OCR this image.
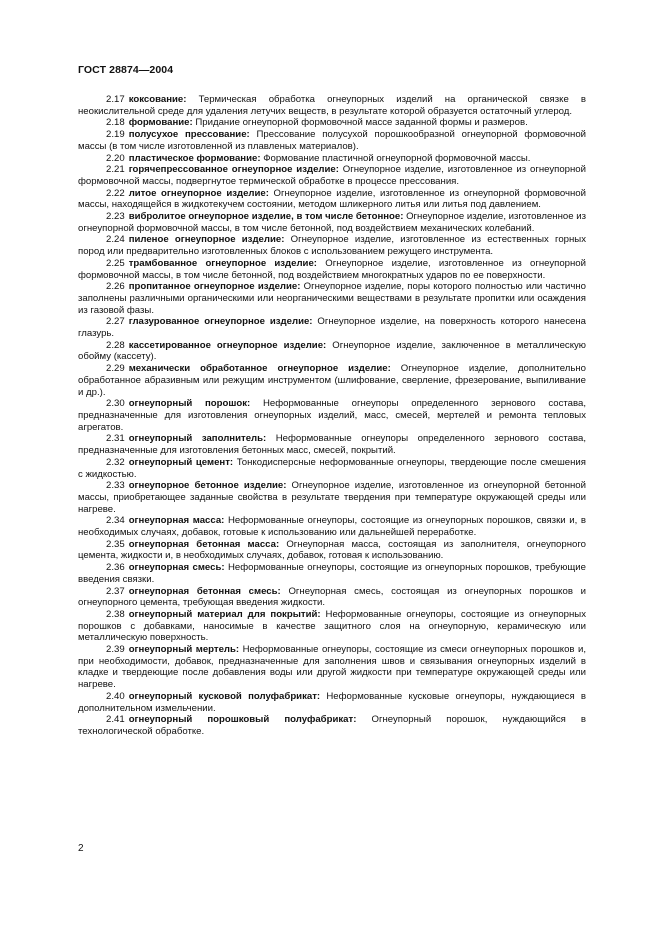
ГОСТ 28874—2004

2.17 коксование: Термическая обработка огнеупорных изделий на органической связке в неокислительной среде для удаления летучих веществ, в результате которой образуется остаточный углерод.

2.18 формование: Придание огнеупорной формовочной массе заданной формы и размеров.

2.19 полусухое прессование: Прессование полусухой порошкообразной огнеупорной формовочной массы (в том числе изготовленной из плавленых материалов).

2.20 пластическое формование: Формование пластичной огнеупорной формовочной массы.

2.21 горячепрессованное огнеупорное изделие: Огнеупорное изделие, изготовленное из огнеупорной формовочной массы, подвергнутое термической обработке в процессе прессования.

2.22 литое огнеупорное изделие: Огнеупорное изделие, изготовленное из огнеупорной формовочной массы, находящейся в жидкотекучем состоянии, методом шликерного литья или литья под давлением.

2.23 вибролитое огнеупорное изделие, в том числе бетонное: Огнеупорное изделие, изготовленное из огнеупорной формовочной массы, в том числе бетонной, под воздействием механических колебаний.

2.24 пиленое огнеупорное изделие: Огнеупорное изделие, изготовленное из естественных горных пород или предварительно изготовленных блоков с использованием режущего инструмента.

2.25 трамбованное огнеупорное изделие: Огнеупорное изделие, изготовленное из огнеупорной формовочной массы, в том числе бетонной, под воздействием многократных ударов по ее поверхности.

2.26 пропитанное огнеупорное изделие: Огнеупорное изделие, поры которого полностью или частично заполнены различными органическими или неорганическими веществами в результате пропитки или осаждения из газовой фазы.

2.27 глазурованное огнеупорное изделие: Огнеупорное изделие, на поверхность которого нанесена глазурь.

2.28 кассетированное огнеупорное изделие: Огнеупорное изделие, заключенное в металлическую обойму (кассету).

2.29 механически обработанное огнеупорное изделие: Огнеупорное изделие, дополнительно обработанное абразивным или режущим инструментом (шлифование, сверление, фрезерование, выпиливание и др.).

2.30 огнеупорный порошок: Неформованные огнеупоры определенного зернового состава, предназначенные для изготовления огнеупорных изделий, масс, смесей, мертелей и ремонта тепловых агрегатов.

2.31 огнеупорный заполнитель: Неформованные огнеупоры определенного зернового состава, предназначенные для изготовления бетонных масс, смесей, покрытий.

2.32 огнеупорный цемент: Тонкодисперсные неформованные огнеупоры, твердеющие после смешения с жидкостью.

2.33 огнеупорное бетонное изделие: Огнеупорное изделие, изготовленное из огнеупорной бетонной массы, приобретающее заданные свойства в результате твердения при температуре окружающей среды или нагреве.

2.34 огнеупорная масса: Неформованные огнеупоры, состоящие из огнеупорных порошков, связки и, в необходимых случаях, добавок, готовые к использованию или дальнейшей переработке.

2.35 огнеупорная бетонная масса: Огнеупорная масса, состоящая из заполнителя, огнеупорного цемента, жидкости и, в необходимых случаях, добавок, готовая к использованию.

2.36 огнеупорная смесь: Неформованные огнеупоры, состоящие из огнеупорных порошков, требующие введения связки.

2.37 огнеупорная бетонная смесь: Огнеупорная смесь, состоящая из огнеупорных порошков и огнеупорного цемента, требующая введения жидкости.

2.38 огнеупорный материал для покрытий: Неформованные огнеупоры, состоящие из огнеупорных порошков с добавками, наносимые в качестве защитного слоя на огнеупорную, керамическую или металлическую поверхность.

2.39 огнеупорный мертель: Неформованные огнеупоры, состоящие из смеси огнеупорных порошков и, при необходимости, добавок, предназначенные для заполнения швов и связывания огнеупорных изделий в кладке и твердеющие после добавления воды или другой жидкости при температуре окружающей среды или нагреве.

2.40 огнеупорный кусковой полуфабрикат: Неформованные кусковые огнеупоры, нуждающиеся в дополнительном измельчении.

2.41 огнеупорный порошковый полуфабрикат: Огнеупорный порошок, нуждающийся в технологической обработке.

2
